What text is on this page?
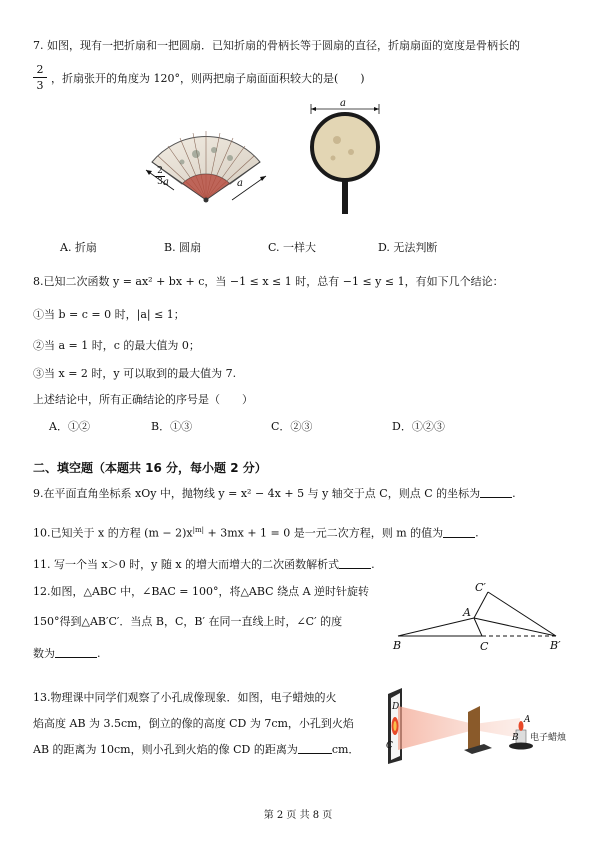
7. 如图，现有一把折扇和一把圆扇．已知折扇的骨柄长等于圆扇的直径，折扇扇面的宽度是骨柄长的
2
3
，折扇张开的角度为 120°，则两把扇子扇面面积较大的是(　　)
a
2
3	a
a
A. 折扇	B. 圆扇	C. 一样大	D. 无法判断
8.已知二次函数 y = ax² + bx + c，当 −1 ≤ x ≤ 1 时，总有 −1 ≤ y ≤ 1，有如下几个结论：
①当 b = c = 0 时，|a| ≤ 1；
②当 a = 1 时，c 的最大值为 0；
③当 x = 2 时，y 可以取到的最大值为 7.
上述结论中，所有正确结论的序号是（　　）
A．①②	B．①③	C．②③	D．①②③
二、填空题（本题共 16 分，每小题 2 分）
9.在平面直角坐标系 xOy 中，抛物线 y = x² − 4x + 5 与 y 轴交于点 C，则点 C 的坐标为	.
10.已知关于 x 的方程 $(m - 2)x^{|m|} + 3mx + 1 = 0$ 是一元二次方程，则 m 的值为	.
11. 写一个当 x＞0 时，y 随 x 的增大而增大的二次函数解析式	.
12.如图，△ABC 中，∠BAC = 100°，将△ABC 绕点 A 逆时针旋转
150°得到△AB′C′．当点 B，C，B′ 在同一直线上时，∠C′ 的度
数为	.
B	C
A
B′
C′
13.物理课中同学们观察了小孔成像现象．如图，电子蜡烛的火
焰高度 AB 为 3.5cm，倒立的像的高度 CD 为 7cm，小孔到火焰
AB 的距离为 10cm，则小孔到火焰的像 CD 的距离为	cm．
D
C
A
B 电子蜡烛
第 2 页 共 8 页
